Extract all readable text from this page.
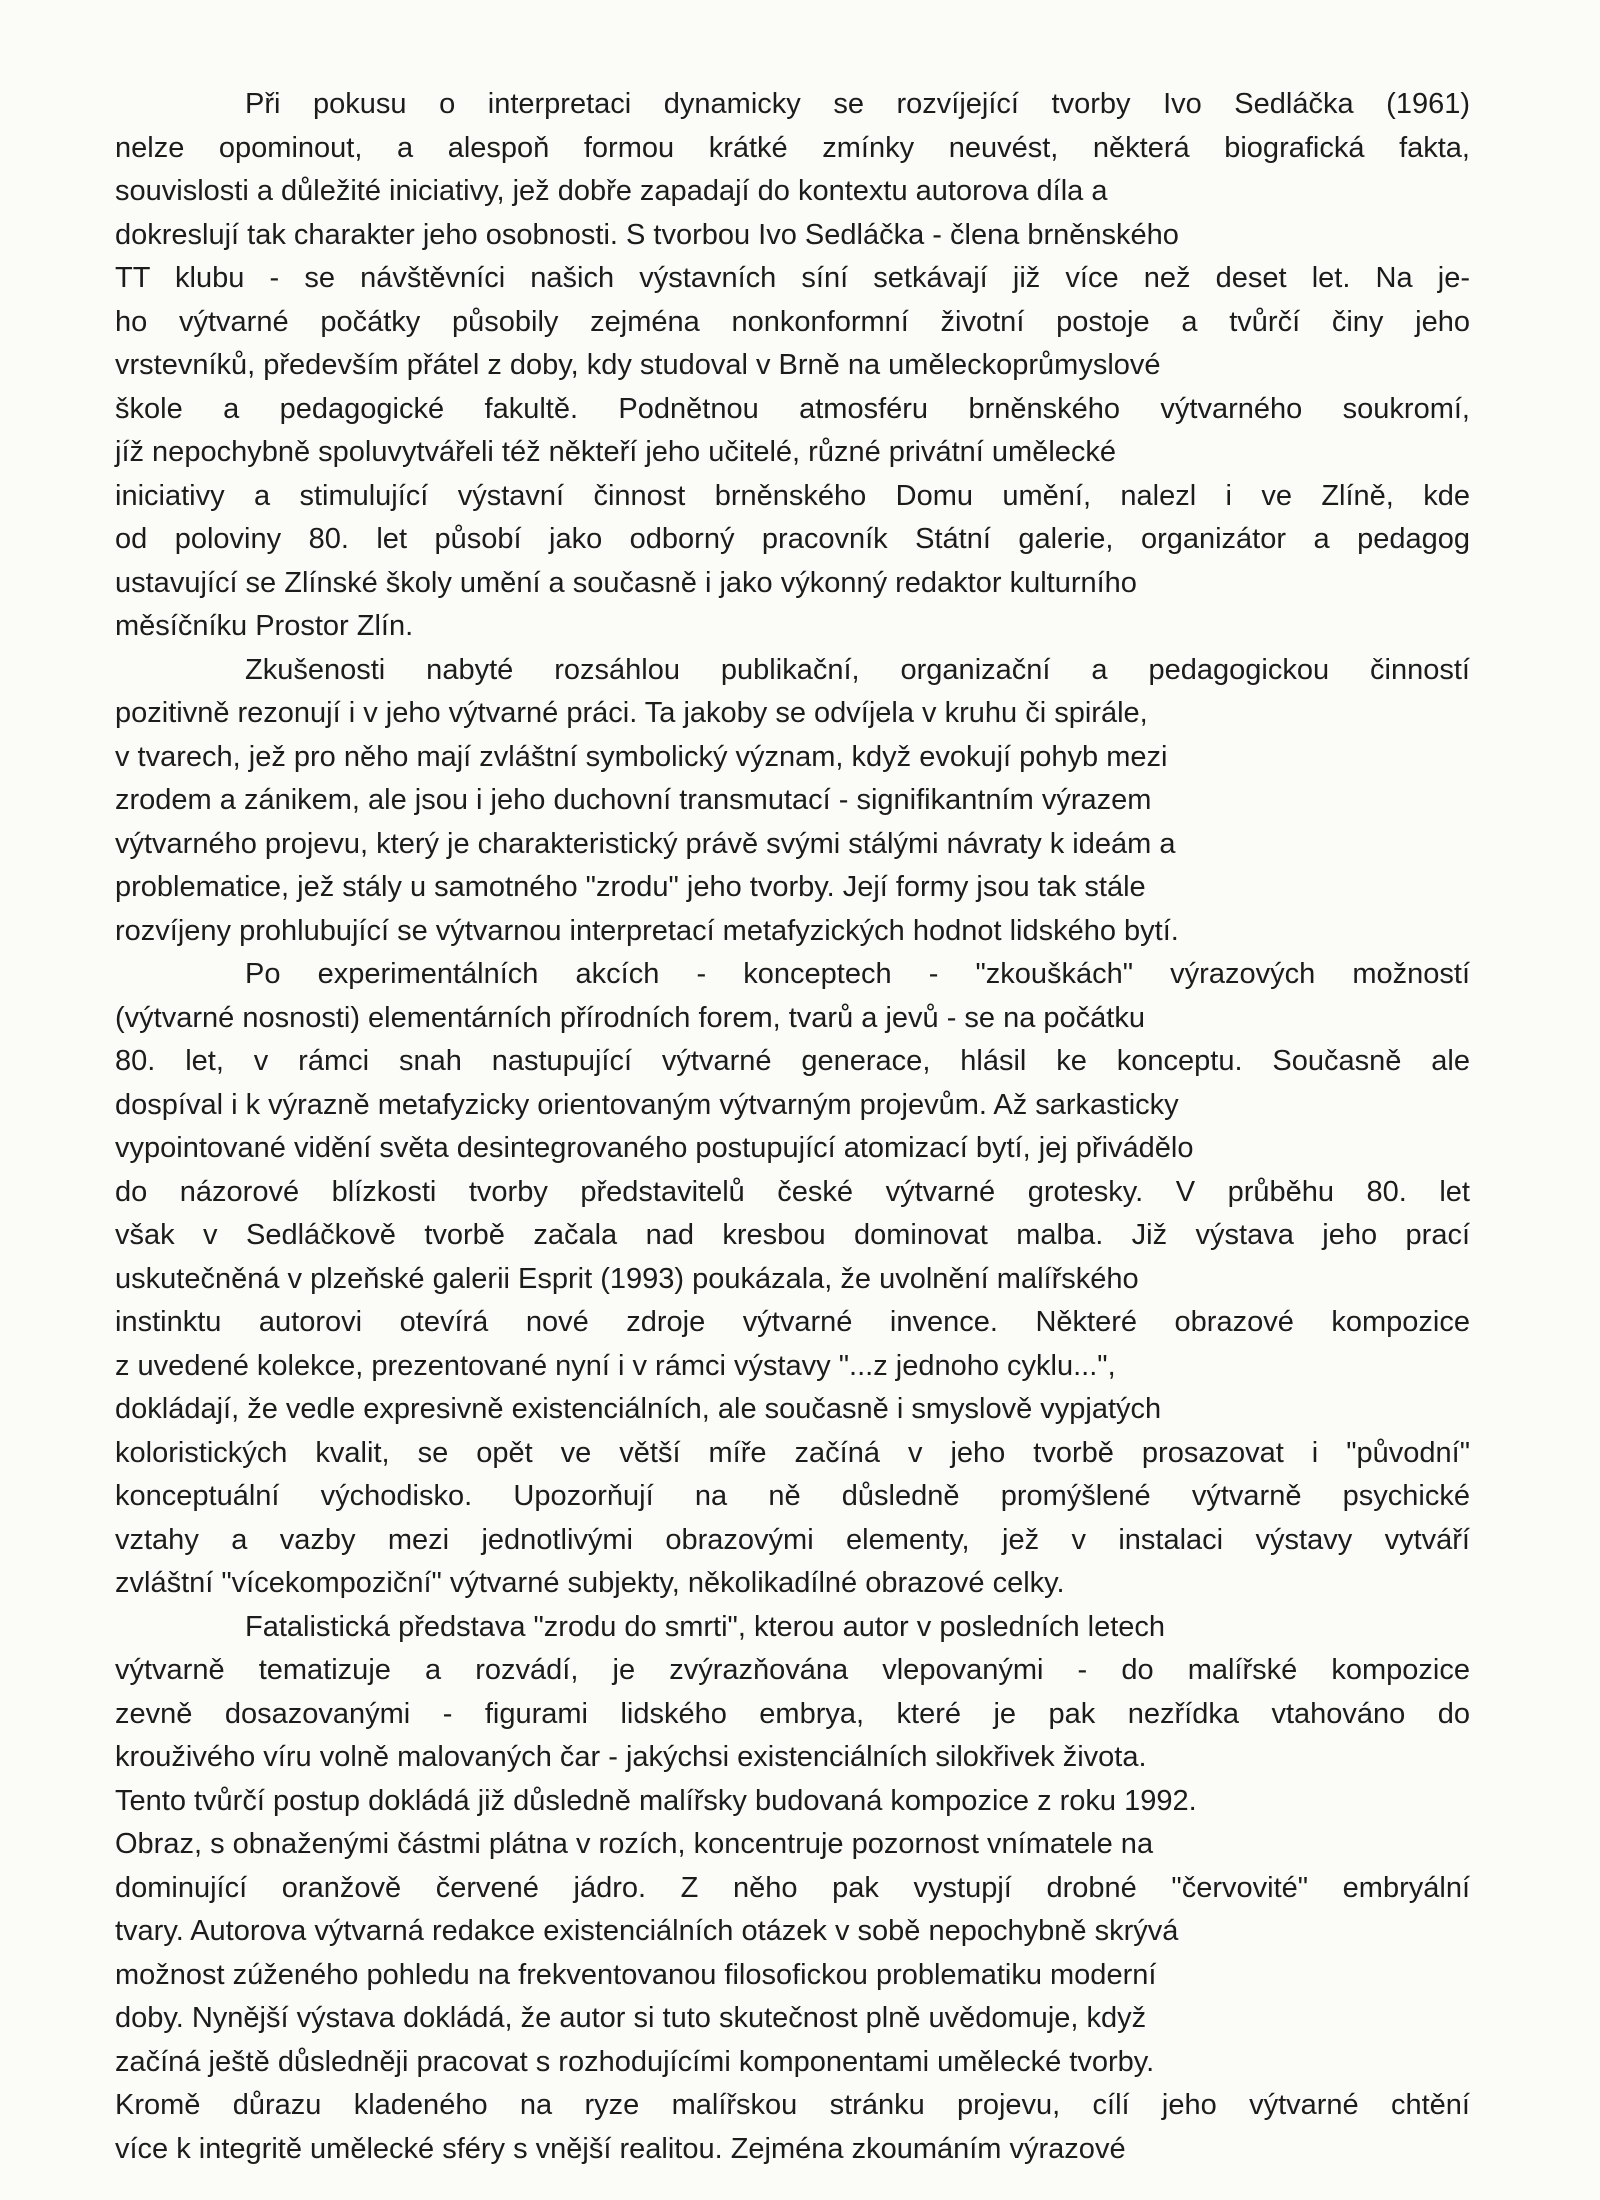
Při pokusu o interpretaci dynamicky se rozvíjející tvorby Ivo Sedláčka (1961)
nelze opominout, a alespoň formou krátké zmínky neuvést, některá biografická fakta,
souvislosti a důležité iniciativy, jež dobře zapadají do kontextu autorova díla a
dokreslují tak charakter jeho osobnosti. S tvorbou Ivo Sedláčka - člena brněnského
TT klubu - se návštěvníci našich výstavních síní setkávají již více než deset let. Na je-
ho výtvarné počátky působily zejména nonkonformní životní postoje a tvůrčí činy jeho
vrstevníků, především přátel z doby, kdy studoval v Brně na uměleckoprůmyslové
škole a pedagogické fakultě. Podnětnou atmosféru brněnského výtvarného soukromí,
jíž nepochybně spoluvytvářeli též někteří jeho učitelé, různé privátní umělecké
iniciativy a stimulující výstavní činnost brněnského Domu umění, nalezl i ve Zlíně, kde
od poloviny 80. let působí jako odborný pracovník Státní galerie, organizátor a pedagog
ustavující se Zlínské školy umění a současně i jako výkonný redaktor kulturního
měsíčníku Prostor Zlín.
Zkušenosti nabyté rozsáhlou publikační, organizační a pedagogickou činností
pozitivně rezonují i v jeho výtvarné práci. Ta jakoby se odvíjela v kruhu či spirále,
v tvarech, jež pro něho mají zvláštní symbolický význam, když evokují pohyb mezi
zrodem a zánikem, ale jsou i jeho duchovní transmutací - signifikantním výrazem
výtvarného projevu, který je charakteristický právě svými stálými návraty k ideám a
problematice, jež stály u samotného "zrodu" jeho tvorby. Její formy jsou tak stále
rozvíjeny prohlubující se výtvarnou interpretací metafyzických hodnot lidského bytí.
Po experimentálních akcích - konceptech - "zkouškách" výrazových možností
(výtvarné nosnosti) elementárních přírodních forem, tvarů a jevů - se na počátku
80. let, v rámci snah nastupující výtvarné generace, hlásil ke konceptu. Současně ale
dospíval i k výrazně metafyzicky orientovaným výtvarným projevům. Až sarkasticky
vypointované vidění světa desintegrovaného postupující atomizací bytí, jej přivádělo
do názorové blízkosti tvorby představitelů české výtvarné grotesky. V průběhu 80. let
však v Sedláčkově tvorbě začala nad kresbou dominovat malba. Již výstava jeho prací
uskutečněná v plzeňské galerii Esprit (1993) poukázala, že uvolnění malířského
instinktu autorovi otevírá nové zdroje výtvarné invence. Některé obrazové kompozice
z uvedené kolekce, prezentované nyní i v rámci výstavy "...z jednoho cyklu...",
dokládají, že vedle expresivně existenciálních, ale současně i smyslově vypjatých
koloristických kvalit, se opět ve větší míře začíná v jeho tvorbě prosazovat i "původní"
konceptuální východisko. Upozorňují na ně důsledně promýšlené výtvarně psychické
vztahy a vazby mezi jednotlivými obrazovými elementy, jež v instalaci výstavy vytváří
zvláštní "vícekompoziční" výtvarné subjekty, několikadílné obrazové celky.
Fatalistická představa "zrodu do smrti", kterou autor v posledních letech
výtvarně tematizuje a rozvádí, je zvýrazňována vlepovanými - do malířské kompozice
zevně dosazovanými - figurami lidského embrya, které je pak nezřídka vtahováno do
krouživého víru volně malovaných čar - jakýchsi existenciálních silokřivek života.
Tento tvůrčí postup dokládá již důsledně malířsky budovaná kompozice z roku 1992.
Obraz, s obnaženými částmi plátna v rozích, koncentruje pozornost vnímatele na
dominující oranžově červené jádro. Z něho pak vystupjí drobné "červovité" embryální
tvary. Autorova výtvarná redakce existenciálních otázek v sobě nepochybně skrývá
možnost zúženého pohledu na frekventovanou filosofickou problematiku moderní
doby. Nynější výstava dokládá, že autor si tuto skutečnost plně uvědomuje, když
začíná ještě důsledněji pracovat s rozhodujícími komponentami umělecké tvorby.
Kromě důrazu kladeného na ryze malířskou stránku projevu, cílí jeho výtvarné chtění
více k integritě umělecké sféry s vnější realitou. Zejména zkoumáním výrazové
